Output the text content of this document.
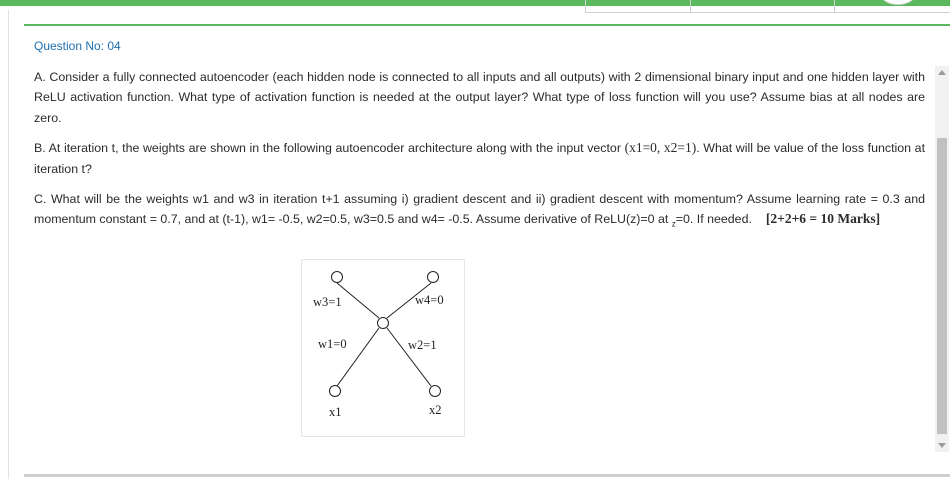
Question No: 04

A. Consider a fully connected autoencoder (each hidden node is connected to all inputs and all outputs) with 2 dimensional binary input and one hidden layer with ReLU activation function. What type of activation function is needed at the output layer? What type of loss function will you use? Assume bias at all nodes are zero.

B. At iteration t, the weights are shown in the following autoencoder architecture along with the input vector (x1=0, x2=1). What will be value of the loss function at iteration t?

C. What will be the weights w1 and w3 in iteration t+1 assuming i) gradient descent and ii) gradient descent with momentum? Assume learning rate = 0.3 and momentum constant = 0.7, and at (t-1), w1= -0.5, w2=0.5, w3=0.5 and w4= -0.5. Assume derivative of ReLU(z)=0 at $_z$=0. If needed. [2+2+6 = 10 Marks]

w3=1	w4=0
w1=0	w2=1
x1	x2
